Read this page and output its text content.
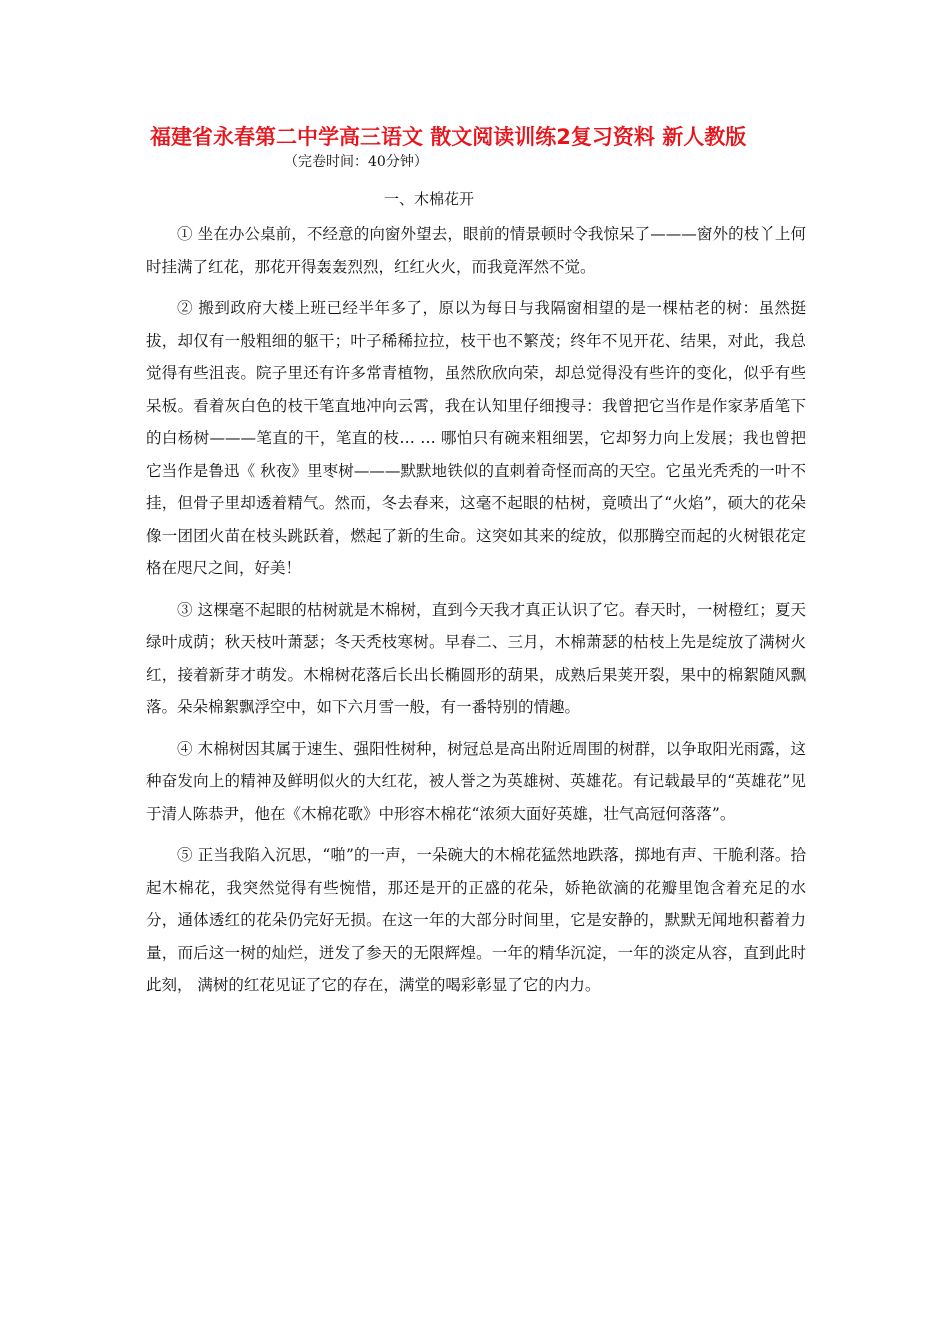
福建省永春第二中学高三语文 散文阅读训练2复习资料 新人教版
（完卷时间：40分钟）
一、木棉花开

① 坐在办公桌前，不经意的向窗外望去，眼前的情景顿时令我惊呆了———窗外的枝丫上何时挂满了红花，那花开得轰轰烈烈，红红火火，而我竟浑然不觉。

② 搬到政府大楼上班已经半年多了，原以为每日与我隔窗相望的是一棵枯老的树：虽然挺拔，却仅有一般粗细的躯干；叶子稀稀拉拉，枝干也不繁茂；终年不见开花、结果，对此，我总觉得有些沮丧。院子里还有许多常青植物，虽然欣欣向荣，却总觉得没有些许的变化，似乎有些呆板。看着灰白色的枝干笔直地冲向云霄，我在认知里仔细搜寻：我曾把它当作是作家茅盾笔下的白杨树———笔直的干，笔直的枝… … 哪怕只有碗来粗细罢，它却努力向上发展；我也曾把它当作是鲁迅《 秋夜》里枣树———默默地铁似的直刺着奇怪而高的天空。它虽光秃秃的一叶不挂，但骨子里却透着精气。然而，冬去春来，这毫不起眼的枯树，竟喷出了“火焰”，硕大的花朵像一团团火苗在枝头跳跃着，燃起了新的生命。这突如其来的绽放，似那腾空而起的火树银花定格在咫尺之间，好美！

③ 这棵毫不起眼的枯树就是木棉树，直到今天我才真正认识了它。春天时，一树橙红；夏天绿叶成荫；秋天枝叶萧瑟；冬天秃枝寒树。早春二、三月，木棉萧瑟的枯枝上先是绽放了满树火红，接着新芽才萌发。木棉树花落后长出长椭圆形的葫果，成熟后果荚开裂，果中的棉絮随风飘落。朵朵棉絮飘浮空中，如下六月雪一般，有一番特别的情趣。

④ 木棉树因其属于速生、强阳性树种，树冠总是高出附近周围的树群，以争取阳光雨露，这种奋发向上的精神及鲜明似火的大红花，被人誉之为英雄树、英雄花。有记载最早的“英雄花”见于清人陈恭尹，他在《木棉花歌》中形容木棉花“浓须大面好英雄，壮气高冠何落落”。

⑤ 正当我陷入沉思，“啪”的一声，一朵碗大的木棉花猛然地跌落，掷地有声、干脆利落。拾起木棉花，我突然觉得有些惋惜，那还是开的正盛的花朵，娇艳欲滴的花瓣里饱含着充足的水分，通体透红的花朵仍完好无损。在这一年的大部分时间里，它是安静的，默默无闻地积蓄着力量，而后这一树的灿烂，迸发了参天的无限辉煌。一年的精华沉淀，一年的淡定从容，直到此时此刻， 满树的红花见证了它的存在，满堂的喝彩彰显了它的内力。
